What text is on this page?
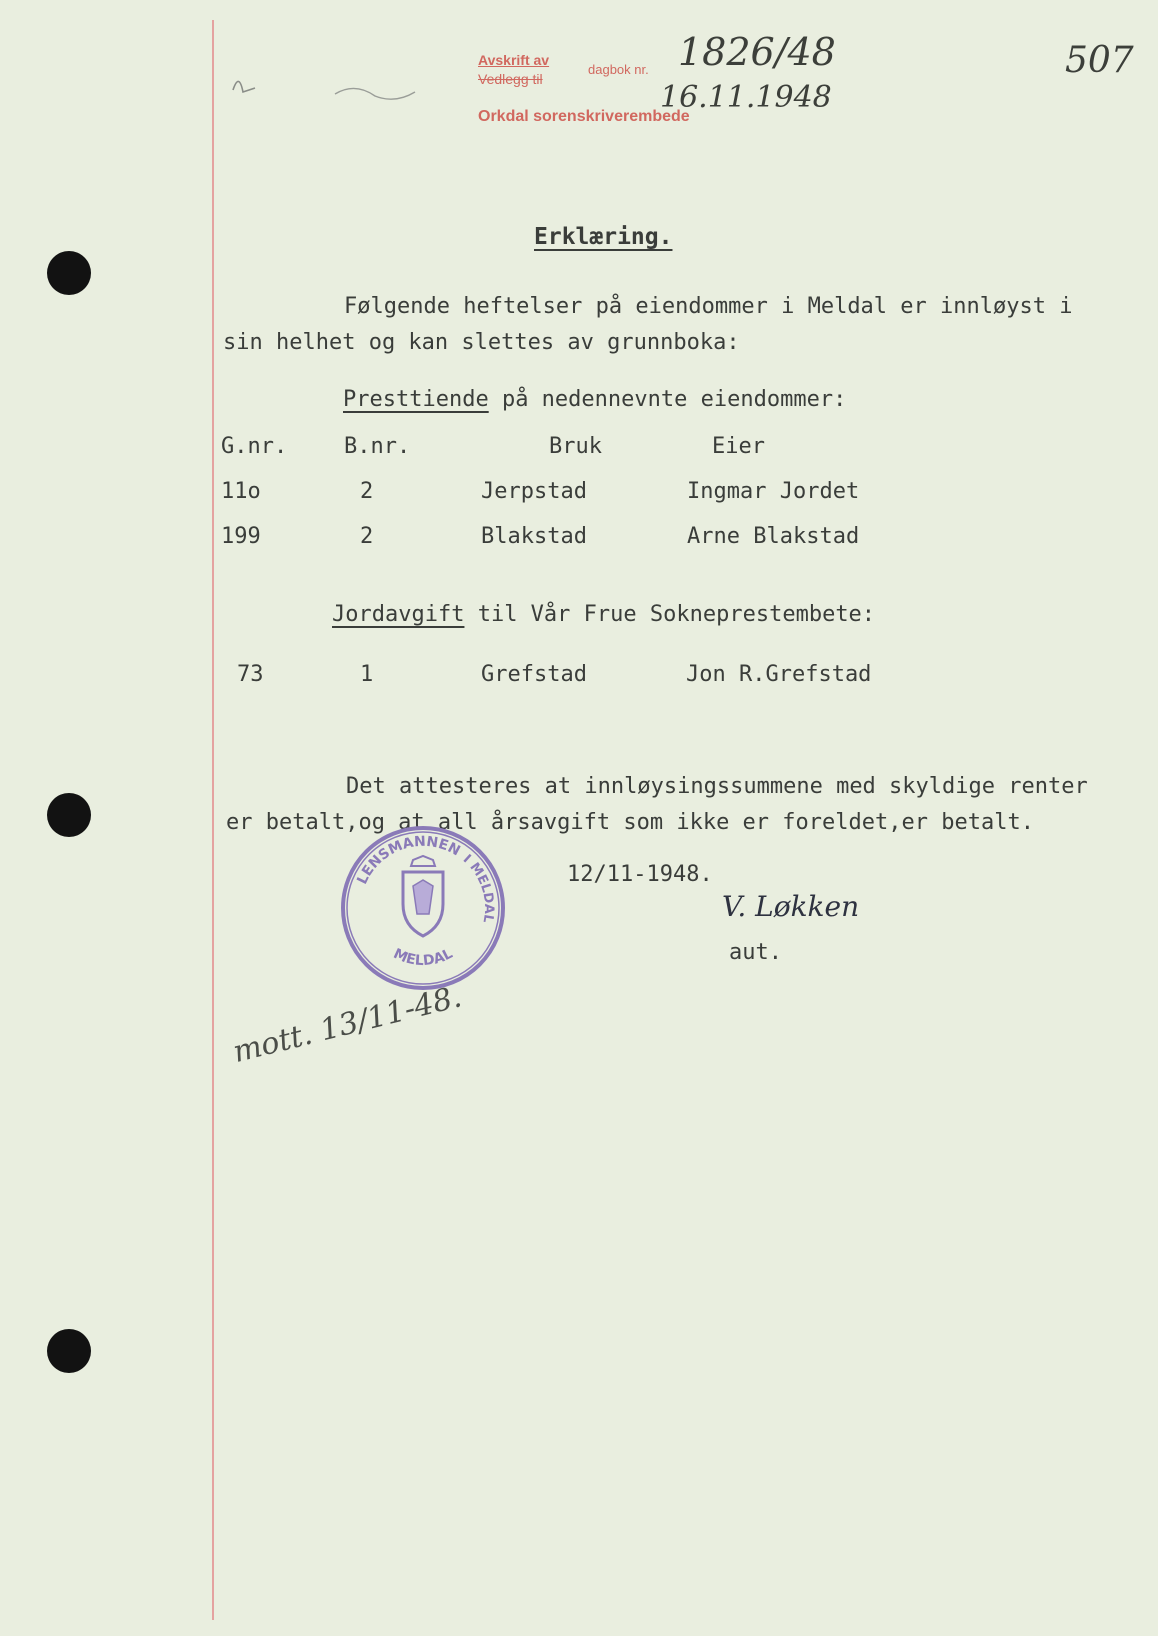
Avskrift av
Vedlegg til
dagbok nr.
Orkdal sorenskriverembede
1826/48
16.11.1948
507
Erklæring.
Følgende heftelser på eiendommer i Meldal er innløyst i
sin helhet og kan slettes av grunnboka:
Presttiende på nedennevnte eiendommer:
G.nr.	B.nr.	Bruk	Eier
11o	2	Jerpstad	Ingmar Jordet
199	2	Blakstad	Arne Blakstad
Jordavgift til Vår Frue Sokneprestembete:
73	1	Grefstad	Jon R.Grefstad
Det attesteres at innløysingssummene med skyldige renter
er betalt,og at all årsavgift som ikke er foreldet,er betalt.
12/11-1948.
V. Løkken
aut.
LENSMANNEN
I MELDAL
MELDAL
mott. 13/11-48.
